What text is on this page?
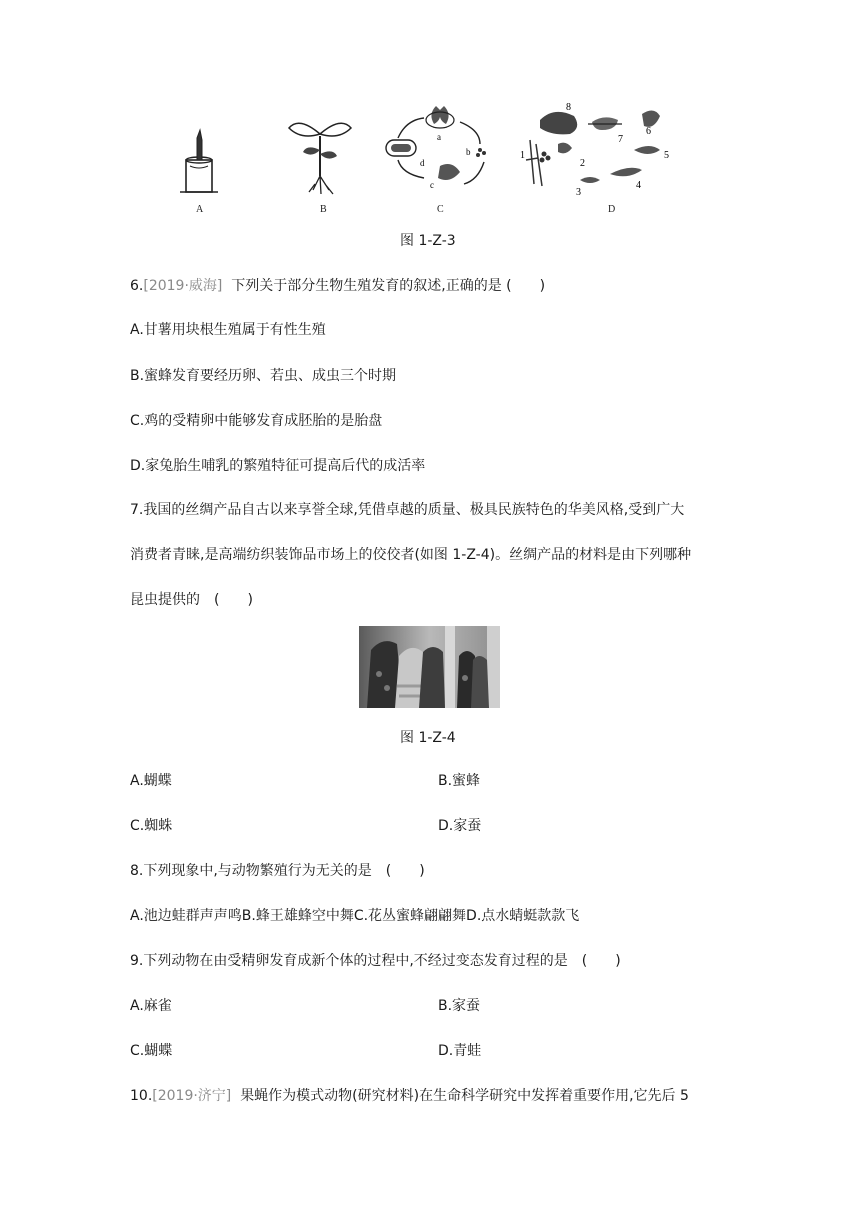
a
b
c
d
8
7
6
5
4
3
2
1
A	B	C	D
图 1-Z-3
6.[2019·威海] 下列关于部分生物生殖发育的叙述,正确的是 (　　)
A.甘薯用块根生殖属于有性生殖
B.蜜蜂发育要经历卵、若虫、成虫三个时期
C.鸡的受精卵中能够发育成胚胎的是胎盘
D.家兔胎生哺乳的繁殖特征可提高后代的成活率
7.我国的丝绸产品自古以来享誉全球,凭借卓越的质量、极具民族特色的华美风格,受到广大
消费者青睐,是高端纺织装饰品市场上的佼佼者(如图 1-Z-4)。丝绸产品的材料是由下列哪种
昆虫提供的　(　　)
图 1-Z-4
A.蝴蝶	B.蜜蜂
C.蜘蛛	D.家蚕
8.下列现象中,与动物繁殖行为无关的是　(　　)
A.池边蛙群声声鸣B.蜂王雄蜂空中舞C.花丛蜜蜂翩翩舞D.点水蜻蜓款款飞
9.下列动物在由受精卵发育成新个体的过程中,不经过变态发育过程的是　(　　)
A.麻雀	B.家蚕
C.蝴蝶	D.青蛙
10.[2019·济宁] 果蝇作为模式动物(研究材料)在生命科学研究中发挥着重要作用,它先后 5
